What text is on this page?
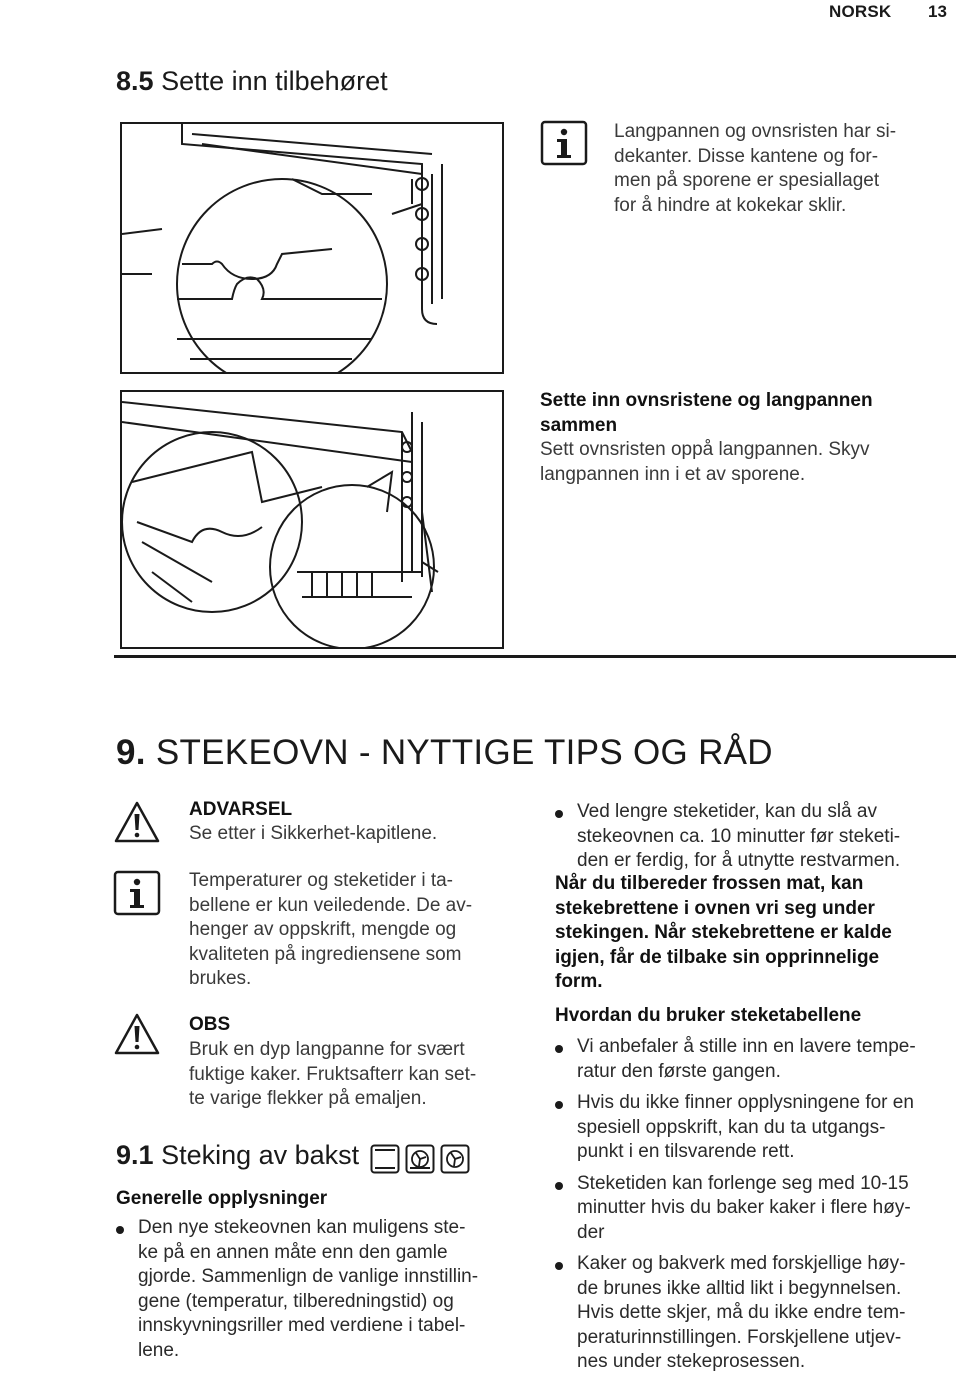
NORSK 13
8.5 Sette inn tilbehøret
Langpannen og ovnsristen har si-
dekanter. Disse kantene og for-
men på sporene er spesiallaget
for å hindre at kokekar sklir.
Sette inn ovnsristene og langpannen
sammen
Sett ovnsristen oppå langpannen. Skyv
langpannen inn i et av sporene.
9. STEKEOVN - NYTTIGE TIPS OG RÅD
ADVARSEL
Se etter i Sikkerhet-kapitlene.
Temperaturer og steketider i ta-
bellene er kun veiledende. De av-
henger av oppskrift, mengde og
kvaliteten på ingrediensene som
brukes.
OBS
Bruk en dyp langpanne for svært
fuktige kaker. Fruktsafterr kan set-
te varige flekker på emaljen.
9.1 Steking av bakst
Generelle opplysninger
Den nye stekeovnen kan muligens ste-
ke på en annen måte enn den gamle
gjorde. Sammenlign de vanlige innstillin-
gene (temperatur, tilberedningstid) og
innskyvningsriller med verdiene i tabel-
lene.
Ved lengre steketider, kan du slå av
stekeovnen ca. 10 minutter før steketi-
den er ferdig, for å utnytte restvarmen.
Når du tilbereder frossen mat, kan
stekebrettene i ovnen vri seg under
stekingen. Når stekebrettene er kalde
igjen, får de tilbake sin opprinnelige
form.
Hvordan du bruker steketabellene
Vi anbefaler å stille inn en lavere tempe-
ratur den første gangen.
Hvis du ikke finner opplysningene for en
spesiell oppskrift, kan du ta utgangs-
punkt i en tilsvarende rett.
Steketiden kan forlenge seg med 10-15
minutter hvis du baker kaker i flere høy-
der
Kaker og bakverk med forskjellige høy-
de brunes ikke alltid likt i begynnelsen.
Hvis dette skjer, må du ikke endre tem-
peraturinnstillingen. Forskjellene utjev-
nes under stekeprosessen.
